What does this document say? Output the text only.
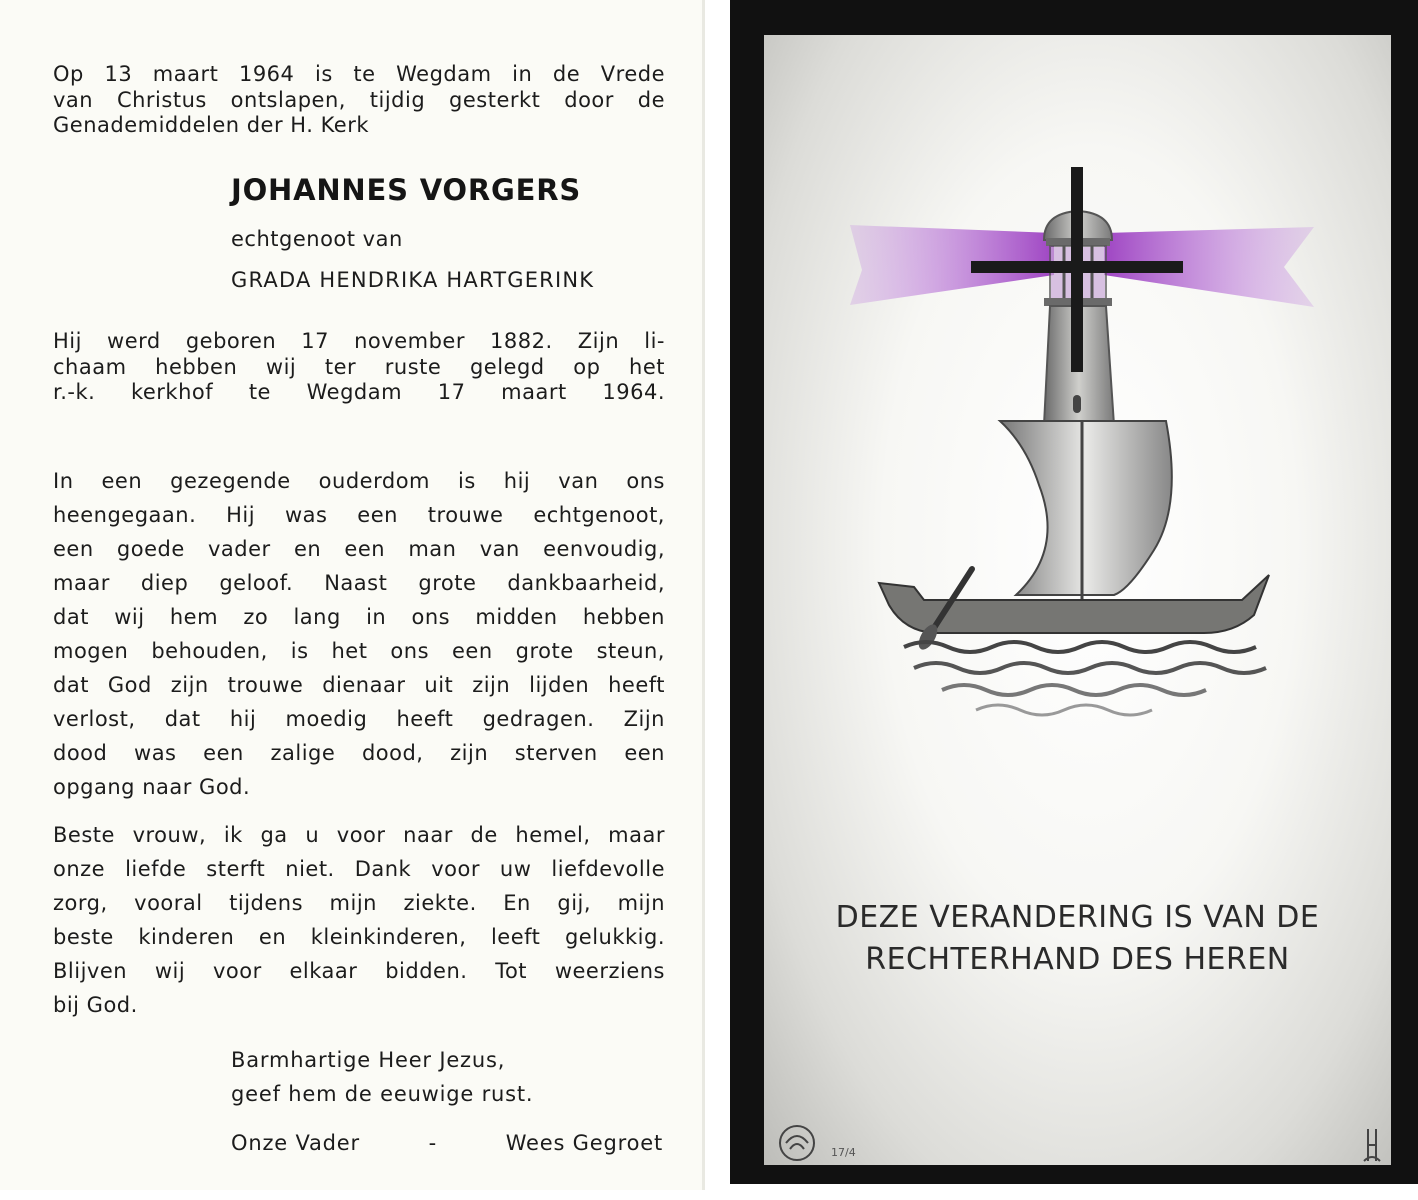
Op 13 maart 1964 is te Wegdam in de Vrede

van Christus ontslapen, tijdig gesterkt door de

Genademiddelen der H. Kerk

JOHANNES VORGERS
echtgenoot van
GRADA HENDRIKA HARTGERINK

Hij werd geboren 17 november 1882. Zijn li-

chaam hebben wij ter ruste gelegd op het

r.-k. kerkhof te Wegdam 17 maart 1964.

In een gezegende ouderdom is hij van ons

heengegaan. Hij was een trouwe echtgenoot,

een goede vader en een man van eenvoudig,

maar diep geloof. Naast grote dankbaarheid,

dat wij hem zo lang in ons midden hebben

mogen behouden, is het ons een grote steun,

dat God zijn trouwe dienaar uit zijn lijden heeft

verlost, dat hij moedig heeft gedragen. Zijn

dood was een zalige dood, zijn sterven een

opgang naar God.

Beste vrouw, ik ga u voor naar de hemel, maar

onze liefde sterft niet. Dank voor uw liefdevolle

zorg, vooral tijdens mijn ziekte. En gij, mijn

beste kinderen en kleinkinderen, leeft gelukkig.

Blijven wij voor elkaar bidden. Tot weerziens

bij God.

Barmhartige Heer Jezus,
geef hem de eeuwige rust.
Onze Vader	-	Wees Gegroet
DEZE VERANDERING IS VAN DE
RECHTERHAND DES HEREN
17/4
